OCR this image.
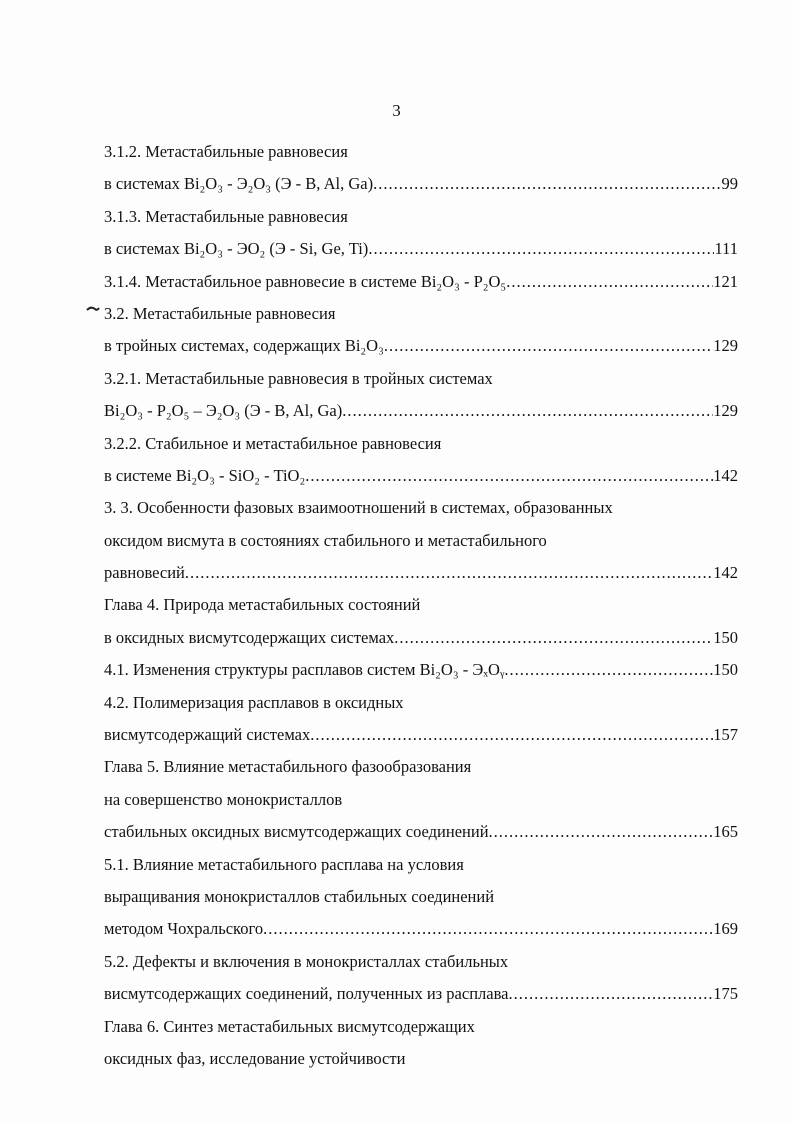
3
3.1.2. Метастабильные равновесия
в системах Bi₂O₃ - Э₂O₃ (Э - B, Al, Ga) .....	99
3.1.3. Метастабильные равновесия
в системах Bi₂O₃ - ЭO₂ (Э - Si, Ge, Ti) .....	111
3.1.4. Метастабильное равновесие в системе Bi₂O₃ - P₂O₅ .....	121
3.2. Метастабильные равновесия
в тройных системах, содержащих Bi₂O₃ .....	129
3.2.1. Метастабильные равновесия в тройных системах
Bi₂O₃ - P₂O₅ – Э₂O₃ (Э - B, Al, Ga) .....	129
3.2.2. Стабильное и метастабильное равновесия
в системе Bi₂O₃ - SiO₂ - TiO₂ .....	142
3. 3. Особенности фазовых взаимоотношений в системах, образованных
оксидом висмута в состояниях стабильного и метастабильного
равновесий .....	142
Глава 4. Природа метастабильных состояний
в оксидных висмутсодержащих системах .....	150
4.1. Изменения структуры расплавов систем Bi₂O₃ - ЭₓOᵧ .....	150
4.2. Полимеризация расплавов в оксидных
висмутсодержащий системах .....	157
Глава 5. Влияние метастабильного фазообразования
на совершенство монокристаллов
стабильных оксидных висмутсодержащих соединений .....	165
5.1. Влияние метастабильного расплава на условия
выращивания монокристаллов стабильных соединений
методом Чохральского .....	169
5.2. Дефекты и включения в монокристаллах стабильных
висмутсодержащих соединений, полученных из расплава .....	175
Глава 6. Синтез метастабильных висмутсодержащих
оксидных фаз, исследование устойчивости
